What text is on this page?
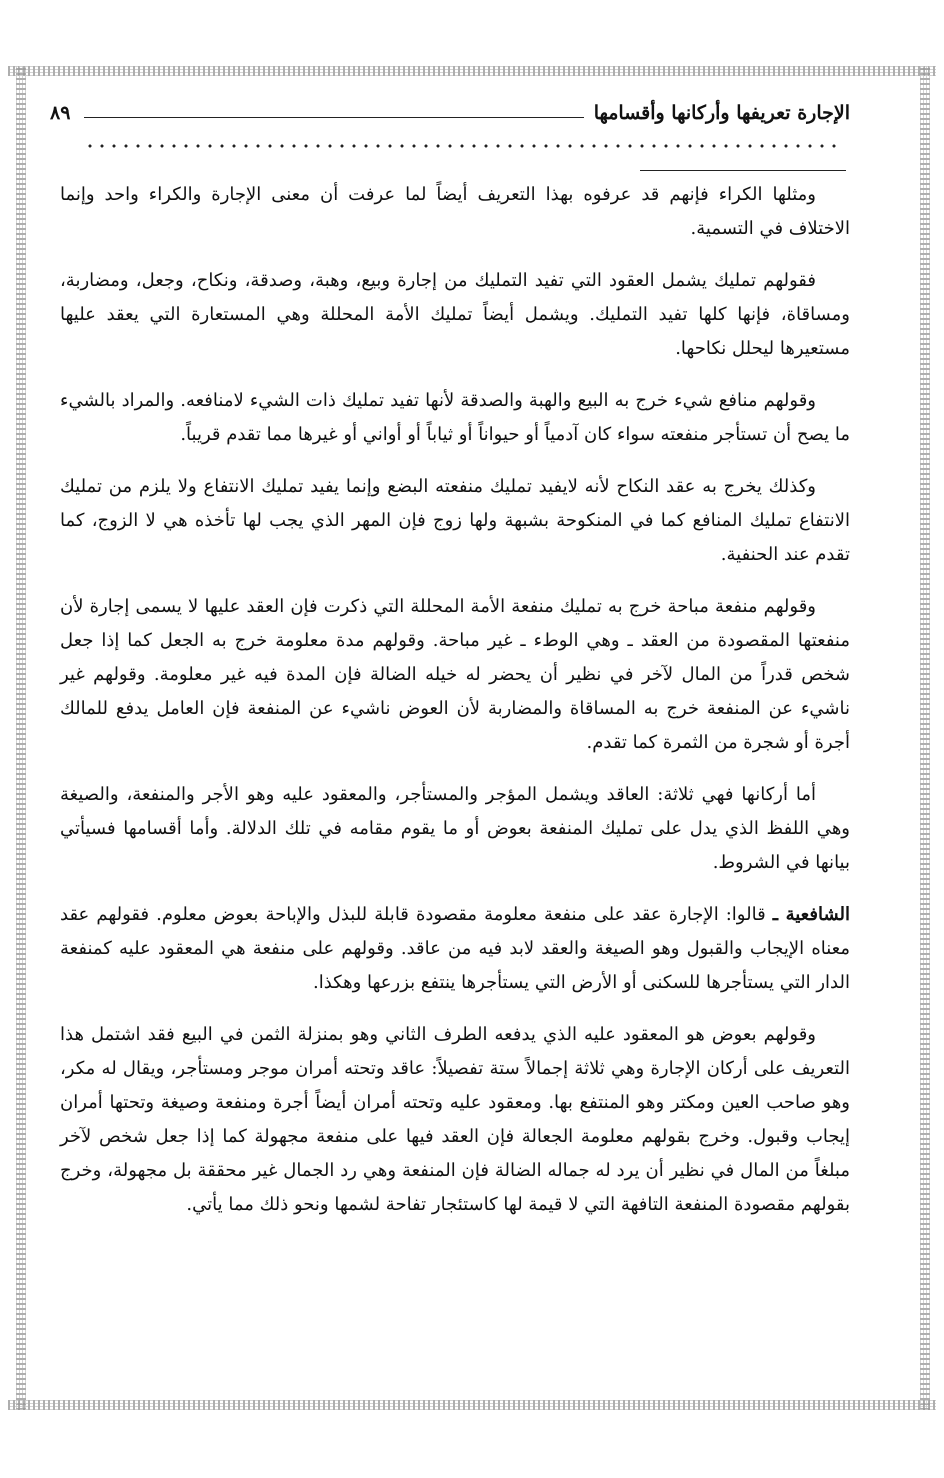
الإجارة تعريفها وأركانها وأقسامها
٨٩

ومثلها الكراء فإنهم قد عرفوه بهذا التعريف أيضاً لما عرفت أن معنى الإجارة والكراء واحد وإنما الاختلاف في التسمية.

فقولهم تمليك يشمل العقود التي تفيد التمليك من إجارة وبيع، وهبة، وصدقة، ونكاح، وجعل، ومضاربة، ومساقاة، فإنها كلها تفيد التمليك. ويشمل أيضاً تمليك الأمة المحللة وهي المستعارة التي يعقد عليها مستعيرها ليحلل نكاحها.

وقولهم منافع شيء خرج به البيع والهبة والصدقة لأنها تفيد تمليك ذات الشيء لامنافعه. والمراد بالشيء ما يصح أن تستأجر منفعته سواء كان آدمياً أو حيواناً أو ثياباً أو أواني أو غيرها مما تقدم قريباً.

وكذلك يخرج به عقد النكاح لأنه لايفيد تمليك منفعته البضع وإنما يفيد تمليك الانتفاع ولا يلزم من تمليك الانتفاع تمليك المنافع كما في المنكوحة بشبهة ولها زوج فإن المهر الذي يجب لها تأخذه هي لا الزوج، كما تقدم عند الحنفية.

وقولهم منفعة مباحة خرج به تمليك منفعة الأمة المحللة التي ذكرت فإن العقد عليها لا يسمى إجارة لأن منفعتها المقصودة من العقد ـ وهي الوطء ـ غير مباحة. وقولهم مدة معلومة خرج به الجعل كما إذا جعل شخص قدراً من المال لآخر في نظير أن يحضر له خيله الضالة فإن المدة فيه غير معلومة. وقولهم غير ناشيء عن المنفعة خرج به المساقاة والمضاربة لأن العوض ناشيء عن المنفعة فإن العامل يدفع للمالك أجرة أو شجرة من الثمرة كما تقدم.

أما أركانها فهي ثلاثة: العاقد ويشمل المؤجر والمستأجر، والمعقود عليه وهو الأجر والمنفعة، والصيغة وهي اللفظ الذي يدل على تمليك المنفعة بعوض أو ما يقوم مقامه في تلك الدلالة. وأما أقسامها فسيأتي بيانها في الشروط.

الشافعية ـ قالوا: الإجارة عقد على منفعة معلومة مقصودة قابلة للبذل والإباحة بعوض معلوم. فقولهم عقد معناه الإيجاب والقبول وهو الصيغة والعقد لابد فيه من عاقد. وقولهم على منفعة هي المعقود عليه كمنفعة الدار التي يستأجرها للسكنى أو الأرض التي يستأجرها ينتفع بزرعها وهكذا.

وقولهم بعوض هو المعقود عليه الذي يدفعه الطرف الثاني وهو بمنزلة الثمن في البيع فقد اشتمل هذا التعريف على أركان الإجارة وهي ثلاثة إجمالاً ستة تفصيلاً: عاقد وتحته أمران موجر ومستأجر، ويقال له مكر، وهو صاحب العين ومكتر وهو المنتفع بها. ومعقود عليه وتحته أمران أيضاً أجرة ومنفعة وصيغة وتحتها أمران إيجاب وقبول. وخرج بقولهم معلومة الجعالة فإن العقد فيها على منفعة مجهولة كما إذا جعل شخص لآخر مبلغاً من المال في نظير أن يرد له جماله الضالة فإن المنفعة وهي رد الجمال غير محققة بل مجهولة، وخرج بقولهم مقصودة المنفعة التافهة التي لا قيمة لها كاستئجار تفاحة لشمها ونحو ذلك مما يأتي.
